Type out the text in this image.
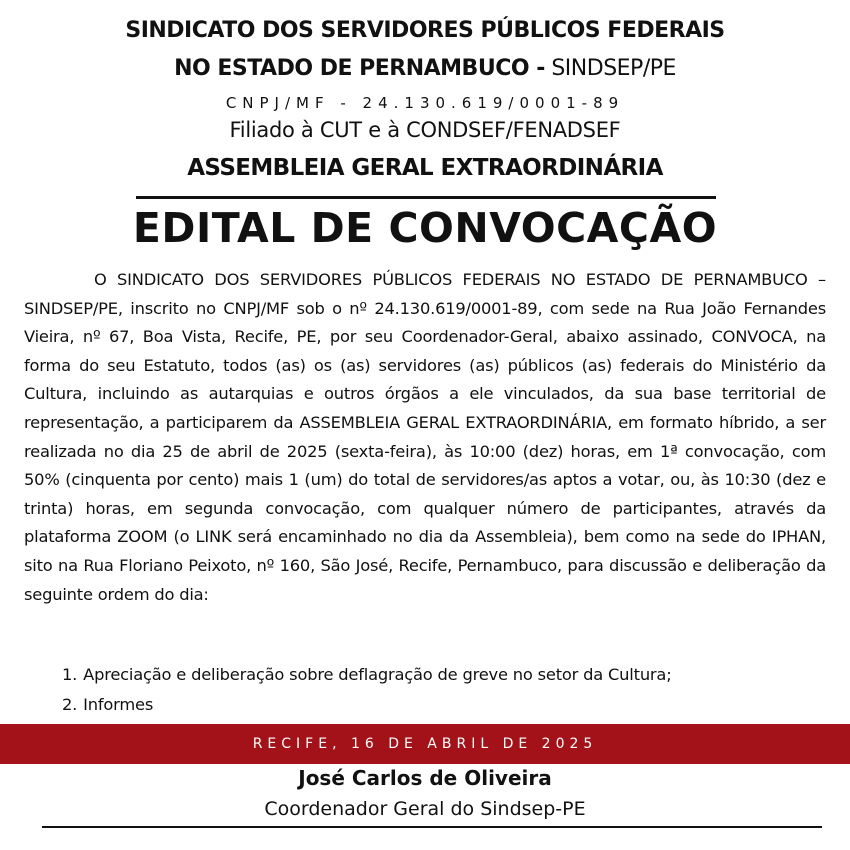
SINDICATO DOS SERVIDORES PÚBLICOS FEDERAIS
NO ESTADO DE PERNAMBUCO - SINDSEP/PE
CNPJ/MF - 24.130.619/0001-89
Filiado à CUT e à CONDSEF/FENADSEF
ASSEMBLEIA GERAL EXTRAORDINÁRIA
EDITAL DE CONVOCAÇÃO

O SINDICATO DOS SERVIDORES PÚBLICOS FEDERAIS NO ESTADO DE PERNAMBUCO – SINDSEP/PE, inscrito no CNPJ/MF sob o nº 24.130.619/0001-89, com sede na Rua João Fernandes Vieira, nº 67, Boa Vista, Recife, PE, por seu Coordenador-Geral, abaixo assinado, CONVOCA, na forma do seu Estatuto, todos (as) os (as) servidores (as) públicos (as) federais do Ministério da Cultura, incluindo as autarquias e outros órgãos a ele vinculados, da sua base territorial de representação, a participarem da ASSEMBLEIA GERAL EXTRAORDINÁRIA, em formato híbrido, a ser realizada no dia 25 de abril de 2025 (sexta-feira), às 10:00 (dez) horas, em 1ª convocação, com 50% (cinquenta por cento) mais 1 (um) do total de servidores/as aptos a votar, ou, às 10:30 (dez e trinta) horas, em segunda convocação, com qualquer número de participantes, através da plataforma ZOOM (o LINK será encaminhado no dia da Assembleia), bem como na sede do IPHAN, sito na Rua Floriano Peixoto, nº 160, São José, Recife, Pernambuco, para discussão e deliberação da seguinte ordem do dia:

1. Apreciação e deliberação sobre deflagração de greve no setor da Cultura;
2. Informes
RECIFE, 16 DE ABRIL DE 2025
José Carlos de Oliveira
Coordenador Geral do Sindsep-PE
